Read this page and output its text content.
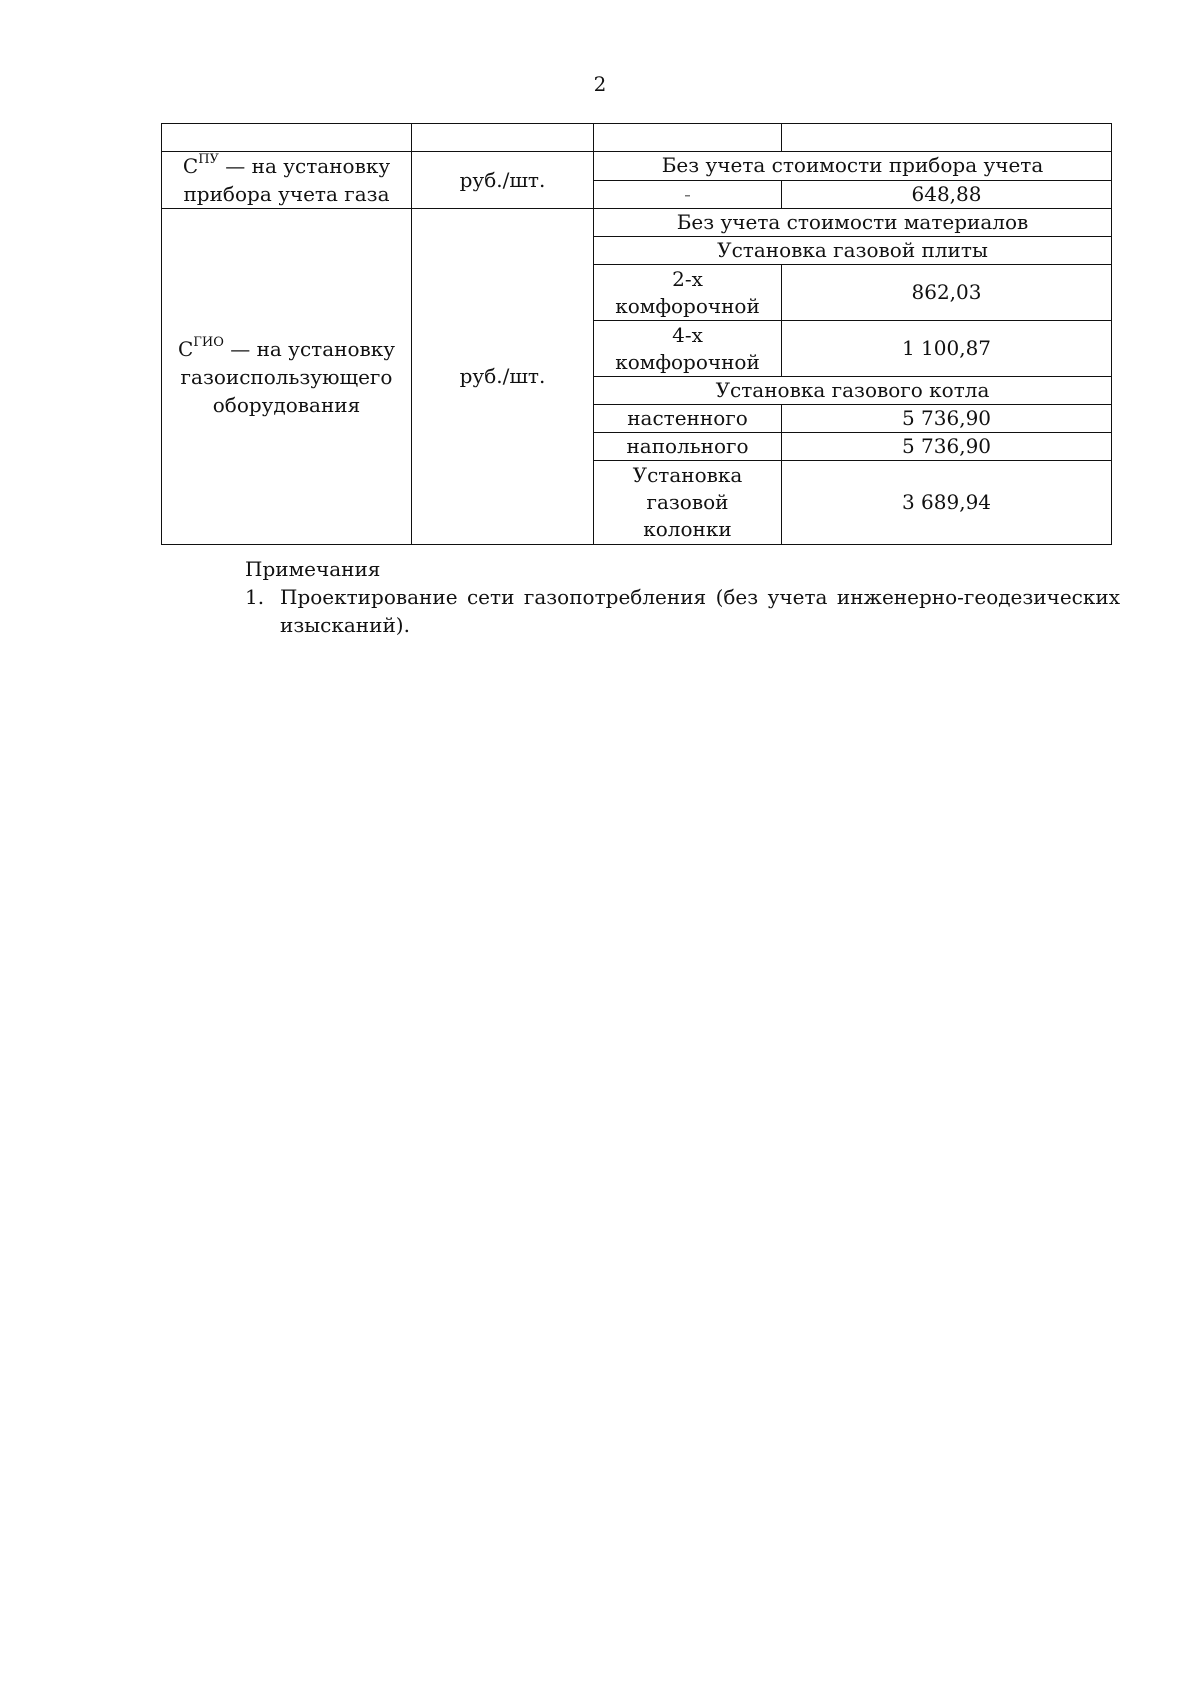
2

$С^{ПУ}$ — на установку прибора учета газа	руб./шт.	Без учета стоимости прибора учета	
		-	648,88
$С^{ГИО}$ — на установку газоиспользующего оборудования	руб./шт.	Без учета стоимости материалов	
		Установка газовой плиты	
		2-х комфорочной	862,03
		4-х комфорочной	1 100,87
		Установка газового котла	
		настенного	5 736,90
		напольного	5 736,90
		Установка газовой колонки	3 689,94
Примечания
1. Проектирование сети газопотребления (без учета инженерно-геодезических изысканий).
